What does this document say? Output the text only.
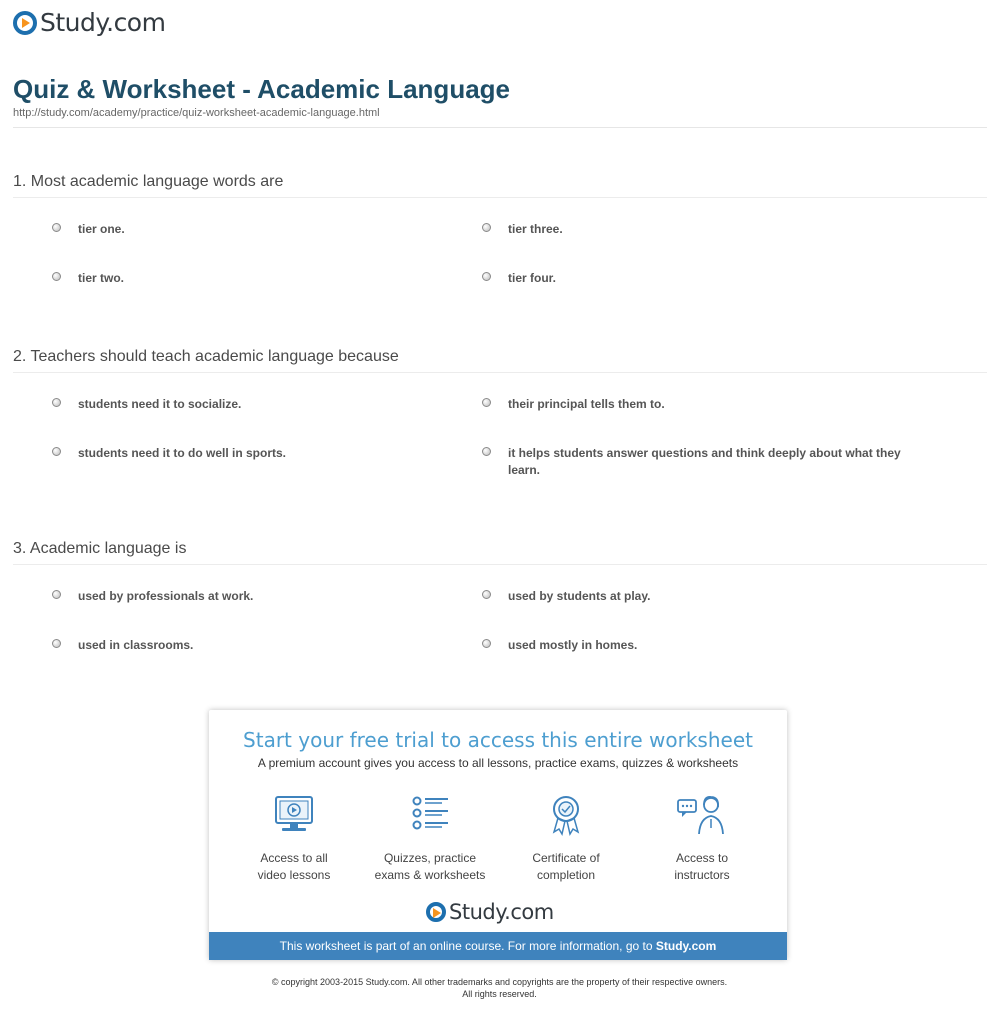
Study.com
Quiz & Worksheet - Academic Language
http://study.com/academy/practice/quiz-worksheet-academic-language.html
1. Most academic language words are
tier one.	tier three.
tier two.	tier four.
2. Teachers should teach academic language because
students need it to socialize.	their principal tells them to.
students need it to do well in sports.	it helps students answer questions and think deeply about what they learn.
3. Academic language is
used by professionals at work.	used by students at play.
used in classrooms.	used mostly in homes.
Start your free trial to access this entire worksheet
A premium account gives you access to all lessons, practice exams, quizzes & worksheets
Access to all
video lessons
Quizzes, practice
exams & worksheets
Certificate of
completion
Access to
instructors
Study.com
This worksheet is part of an online course. For more information, go to Study.com
© copyright 2003-2015 Study.com. All other trademarks and copyrights are the property of their respective owners.
All rights reserved.
